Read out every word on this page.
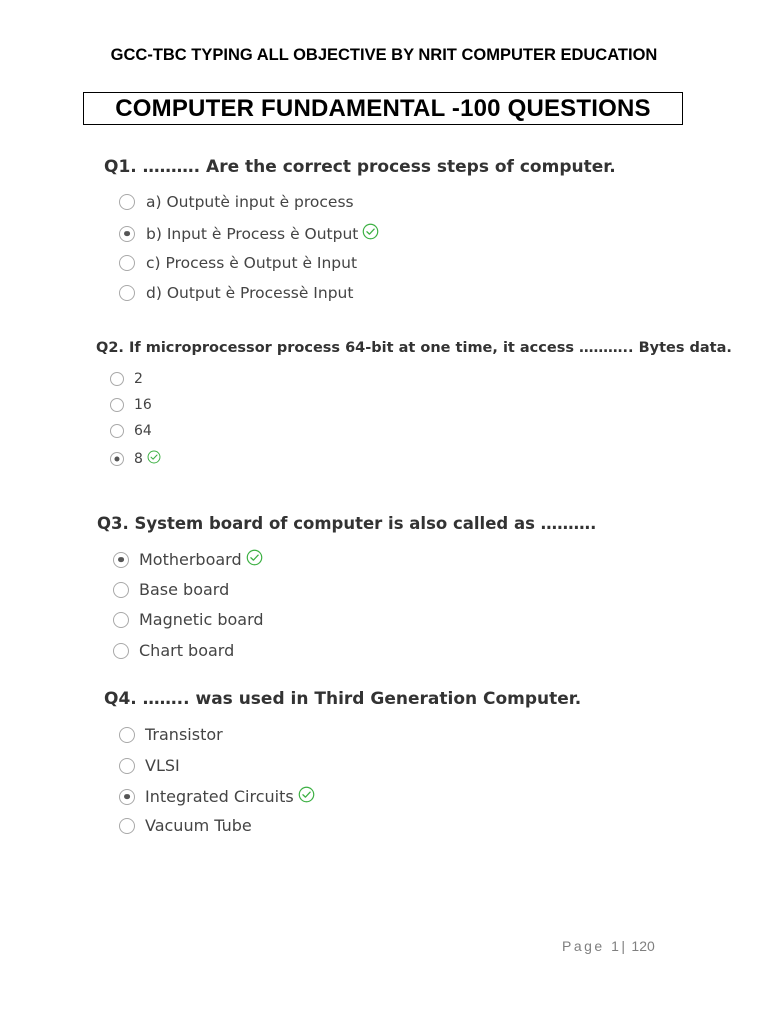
GCC-TBC TYPING ALL OBJECTIVE BY NRIT COMPUTER EDUCATION
COMPUTER FUNDAMENTAL -100 QUESTIONS
Q1. ………. Are the correct process steps of computer.
a) Outputè input è process
b) Input è Process è Output
c) Process è Output è Input
d) Output è Processè Input
Q2. If microprocessor process 64-bit at one time, it access ……….. Bytes data.
2
16
64
8
Q3. System board of computer is also called as ……….
Motherboard
Base board
Magnetic board
Chart board
Q4. …….. was used in Third Generation Computer.
Transistor
VLSI
Integrated Circuits
Vacuum Tube
Page 1| 120
